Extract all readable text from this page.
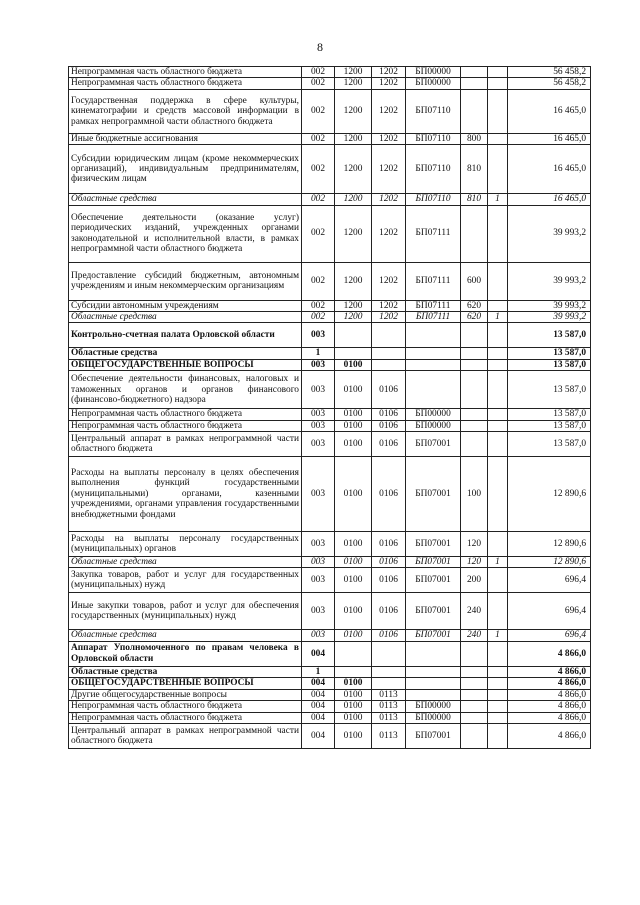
8
Непрограммная часть областного бюджета	002	1200	1202	БП00000			56 458,2
Непрограммная часть областного бюджета	002	1200	1202	БП00000			56 458,2
Государственная поддержка в сфере культуры, кинематографии и средств массовой информации в рамках непрограммной части областного бюджета	002	1200	1202	БП07110			16 465,0
Иные бюджетные ассигнования	002	1200	1202	БП07110	800		16 465,0
Субсидии юридическим лицам (кроме некоммерческих организаций), индивидуальным предпринимателям, физическим лицам	002	1200	1202	БП07110	810		16 465,0
Областные средства	002	1200	1202	БП07110	810	1	16 465,0
Обеспечение деятельности (оказание услуг) периодических изданий, учрежденных органами законодательной и исполнительной власти, в рамках непрограммной части областного бюджета	002	1200	1202	БП07111			39 993,2
Предоставление субсидий бюджетным, автономным учреждениям и иным некоммерческим организациям	002	1200	1202	БП07111	600		39 993,2
Субсидии автономным учреждениям	002	1200	1202	БП07111	620		39 993,2
Областные средства	002	1200	1202	БП07111	620	1	39 993,2
Контрольно-счетная палата Орловской области	003						13 587,0
Областные средства	1						13 587,0
ОБЩЕГОСУДАРСТВЕННЫЕ ВОПРОСЫ	003	0100					13 587,0
Обеспечение деятельности финансовых, налоговых и таможенных органов и органов финансового (финансово-бюджетного) надзора	003	0100	0106				13 587,0
Непрограммная часть областного бюджета	003	0100	0106	БП00000			13 587,0
Непрограммная часть областного бюджета	003	0100	0106	БП00000			13 587,0
Центральный аппарат в рамках непрограммной части областного бюджета	003	0100	0106	БП07001			13 587,0
Расходы на выплаты персоналу в целях обеспечения выполнения функций государственными (муниципальными) органами, казенными учреждениями, органами управления государственными внебюджетными фондами	003	0100	0106	БП07001	100		12 890,6
Расходы на выплаты персоналу государственных (муниципальных) органов	003	0100	0106	БП07001	120		12 890,6
Областные средства	003	0100	0106	БП07001	120	1	12 890,6
Закупка товаров, работ и услуг для государственных (муниципальных) нужд	003	0100	0106	БП07001	200		696,4
Иные закупки товаров, работ и услуг для обеспечения государственных (муниципальных) нужд	003	0100	0106	БП07001	240		696,4
Областные средства	003	0100	0106	БП07001	240	1	696,4
Аппарат Уполномоченного по правам человека в Орловской области	004						4 866,0
Областные средства	1						4 866,0
ОБЩЕГОСУДАРСТВЕННЫЕ ВОПРОСЫ	004	0100					4 866,0
Другие общегосударственные вопросы	004	0100	0113				4 866,0
Непрограммная часть областного бюджета	004	0100	0113	БП00000			4 866,0
Непрограммная часть областного бюджета	004	0100	0113	БП00000			4 866,0
Центральный аппарат в рамках непрограммной части областного бюджета	004	0100	0113	БП07001			4 866,0
